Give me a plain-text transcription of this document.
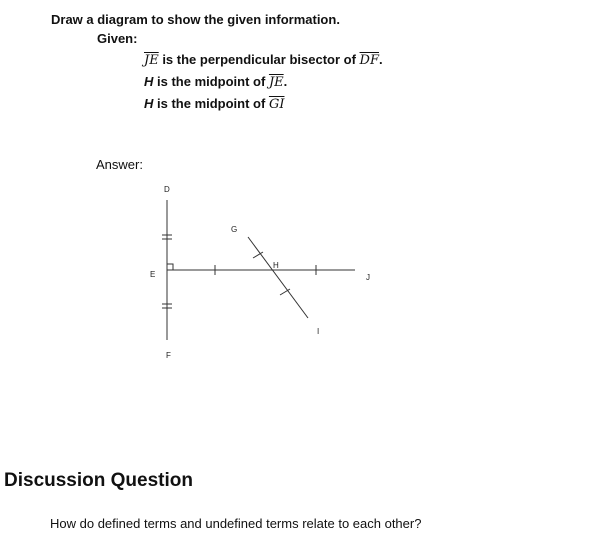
Draw a diagram to show the given information.
Given:
$\overline{JE}$ is the perpendicular bisector of $\overline{DF}$.
H is the midpoint of $\overline{JE}$.
H is the midpoint of $\overline{GI}$
Answer:
D
E
F
G
H
I
J
Discussion Question
How do defined terms and undefined terms relate to each other?
